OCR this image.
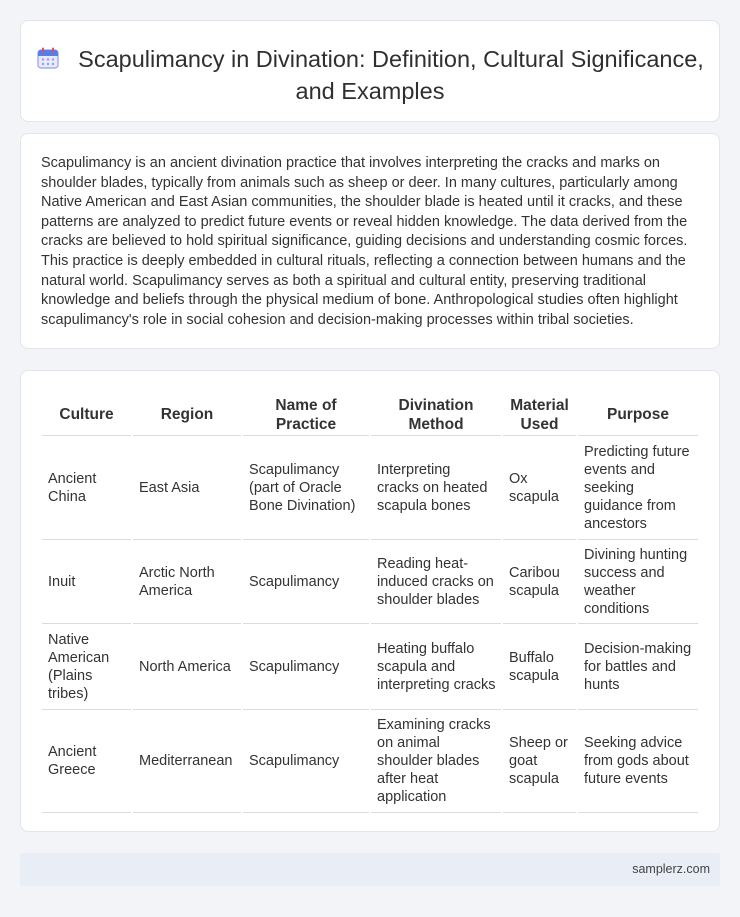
Scapulimancy in Divination: Definition, Cultural Significance, and Examples

Scapulimancy is an ancient divination practice that involves interpreting the cracks and marks on shoulder blades, typically from animals such as sheep or deer. In many cultures, particularly among Native American and East Asian communities, the shoulder blade is heated until it cracks, and these patterns are analyzed to predict future events or reveal hidden knowledge. The data derived from the cracks are believed to hold spiritual significance, guiding decisions and understanding cosmic forces. This practice is deeply embedded in cultural rituals, reflecting a connection between humans and the natural world. Scapulimancy serves as both a spiritual and cultural entity, preserving traditional knowledge and beliefs through the physical medium of bone. Anthropological studies often highlight scapulimancy's role in social cohesion and decision-making processes within tribal societies.

Culture	Region	Name of Practice	Divination Method	Material Used	Purpose
Ancient China	East Asia	Scapulimancy (part of Oracle Bone Divination)	Interpreting cracks on heated scapula bones	Ox scapula	Predicting future events and seeking guidance from ancestors
Inuit	Arctic North America	Scapulimancy	Reading heat-induced cracks on shoulder blades	Caribou scapula	Divining hunting success and weather conditions
Native American (Plains tribes)	North America	Scapulimancy	Heating buffalo scapula and interpreting cracks	Buffalo scapula	Decision-making for battles and hunts
Ancient Greece	Mediterranean	Scapulimancy	Examining cracks on animal shoulder blades after heat application	Sheep or goat scapula	Seeking advice from gods about future events
samplerz.com
